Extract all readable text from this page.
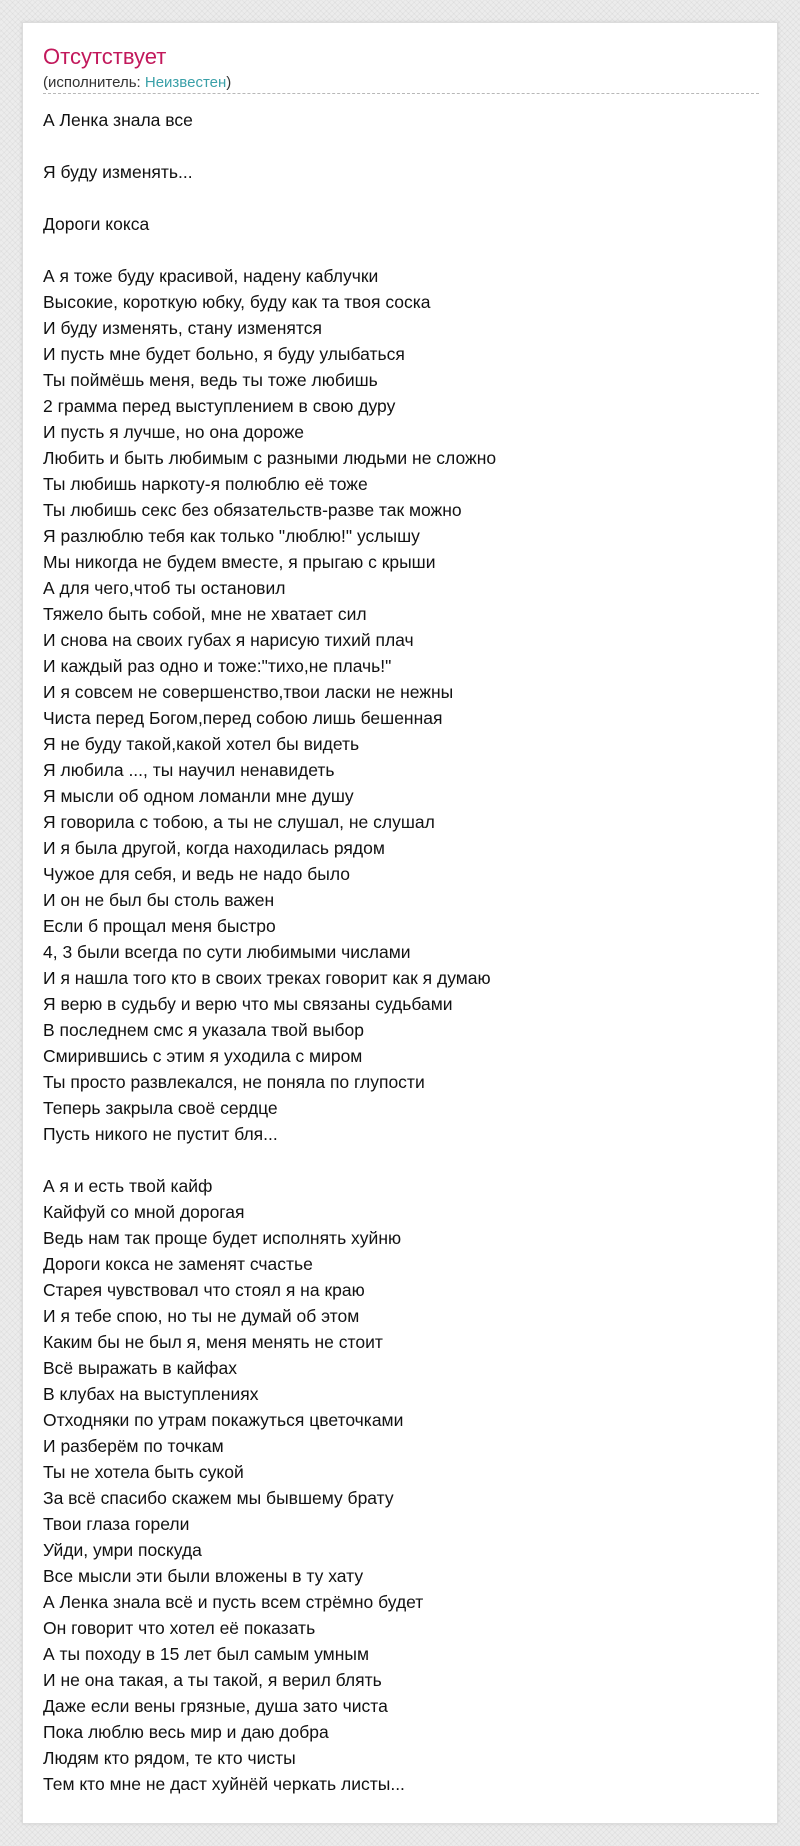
Отсутствует
(исполнитель: Неизвестен)
А Ленка знала все
Я буду изменять...
Дороги кокса
А я тоже буду красивой, надену каблучки
Высокие, короткую юбку, буду как та твоя соска
И буду изменять, стану изменятся
И пусть мне будет больно, я буду улыбаться
Ты поймёшь меня, ведь ты тоже любишь
2 грамма перед выступлением в свою дуру
И пусть я лучше, но она дороже
Любить и быть любимым с разными людьми не сложно
Ты любишь наркоту-я полюблю её тоже
Ты любишь секс без обязательств-разве так можно
Я разлюблю тебя как только "люблю!" услышу
Мы никогда не будем вместе, я прыгаю с крыши
А для чего,чтоб ты остановил
Тяжело быть собой, мне не хватает сил
И снова на своих губах я нарисую тихий плач
И каждый раз одно и тоже:"тихо,не плачь!"
И я совсем не совершенство,твои ласки не нежны
Чиста перед Богом,перед собою лишь бешенная
Я не буду такой,какой хотел бы видеть
Я любила ..., ты научил ненавидеть
Я мысли об одном ломанли мне душу
Я говорила с тобою, а ты не слушал, не слушал
И я была другой, когда находилась рядом
Чужое для себя, и ведь не надо было
И он не был бы столь важен
Если б прощал меня быстро
4, 3 были всегда по сути любимыми числами
И я нашла того кто в своих треках говорит как я думаю
Я верю в судьбу и верю что мы связаны судьбами
В последнем смс я указала твой выбор
Смирившись с этим я уходила с миром
Ты просто развлекался, не поняла по глупости
Теперь закрыла своё сердце
Пусть никого не пустит бля...
А я и есть твой кайф
Кайфуй со мной дорогая
Ведь нам так проще будет исполнять хуйню
Дороги кокса не заменят счастье
Старея чувствовал что стоял я на краю
И я тебе спою, но ты не думай об этом
Каким бы не был я, меня менять не стоит
Всё выражать в кайфах
В клубах на выступлениях
Отходняки по утрам покажуться цветочками
И разберём по точкам
Ты не хотела быть сукой
За всё спасибо скажем мы бывшему брату
Твои глаза горели
Уйди, умри поскуда
Все мысли эти были вложены в ту хату
А Ленка знала всё и пусть всем стрёмно будет
Он говорит что хотел её показать
А ты походу в 15 лет был самым умным
И не она такая, а ты такой, я верил блять
Даже если вены грязные, душа зато чиста
Пока люблю весь мир и даю добра
Людям кто рядом, те кто чисты
Тем кто мне не даст хуйнёй черкать листы...
